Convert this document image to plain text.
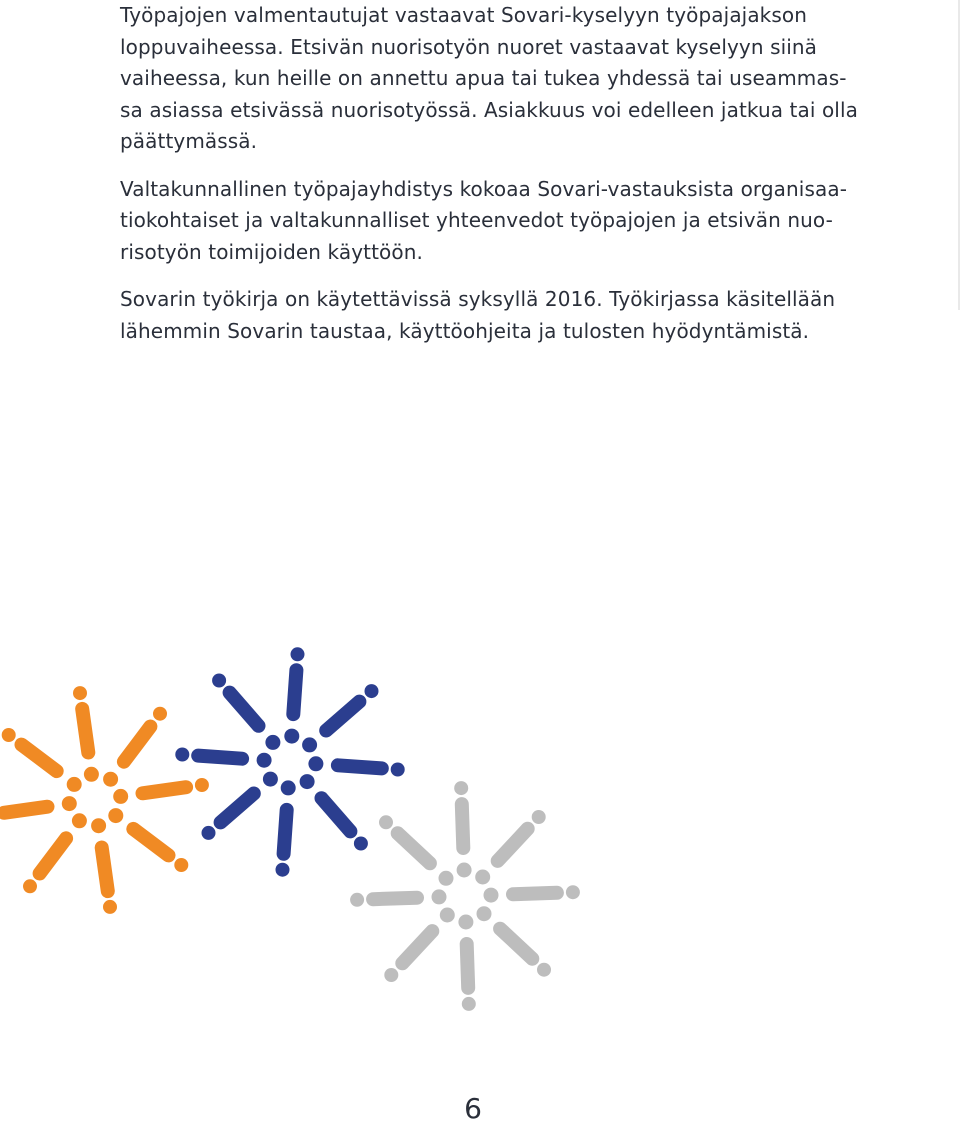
Työpajojen valmentautujat vastaavat Sovari-kyselyyn työpajajakson
loppuvaiheessa. Etsivän nuorisotyön nuoret vastaavat kyselyyn siinä
vaiheessa, kun heille on annettu apua tai tukea yhdessä tai useammas-
sa asiassa etsivässä nuorisotyössä. Asiakkuus voi edelleen jatkua tai olla
päättymässä.

Valtakunnallinen työpajayhdistys kokoaa Sovari-vastauksista organisaa-
tiokohtaiset ja valtakunnalliset yhteenvedot työpajojen ja etsivän nuo-
risotyön toimijoiden käyttöön.

Sovarin työkirja on käytettävissä syksyllä 2016. Työkirjassa käsitellään
lähemmin Sovarin taustaa, käyttöohjeita ja tulosten hyödyntämistä.

6
